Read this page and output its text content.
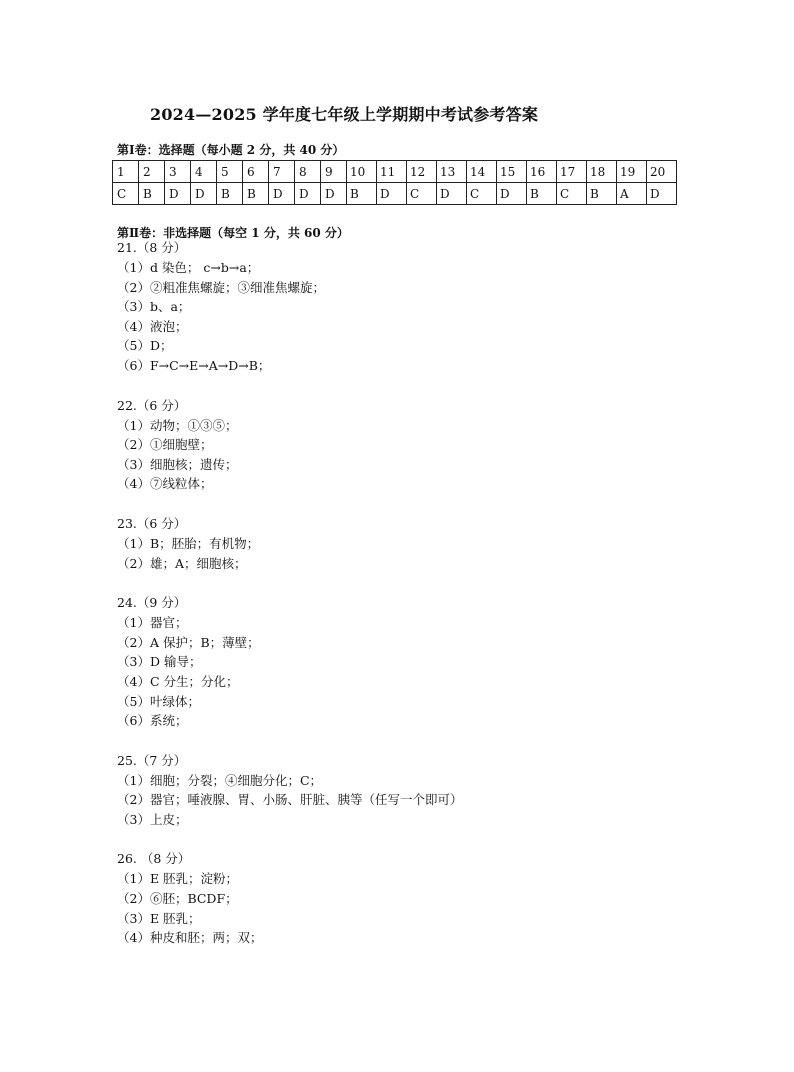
2024—2025 学年度七年级上学期期中考试参考答案
第Ⅰ卷：选择题（每小题 2 分，共 40 分）
1	2	3	4	5	6	7	8	9	10	11	12	13	14	15	16	17	18	19	20
C	B	D	D	B	B	D	D	D	B	D	C	D	C	D	B	C	B	A	D
第Ⅱ卷：非选择题（每空 1 分，共 60 分）
21.（8 分）
（1）d 染色； c→b→a；
（2）②粗准焦螺旋；③细准焦螺旋；
（3）b、a；
（4）液泡；
（5）D；
（6）F→C→E→A→D→B；
22.（6 分）
（1）动物；①③⑤；
（2）①细胞壁；
（3）细胞核；遗传；
（4）⑦线粒体；
23.（6 分）
（1）B；胚胎；有机物；
（2）雄；A；细胞核；
24.（9 分）
（1）器官；
（2）A 保护；B；薄壁；
（3）D 输导；
（4）C 分生；分化；
（5）叶绿体；
（6）系统；
25.（7 分）
（1）细胞；分裂；④细胞分化；C；
（2）器官；唾液腺、胃、小肠、肝脏、胰等（任写一个即可）
（3）上皮；
26. （8 分）
（1）E 胚乳；淀粉；
（2）⑥胚；BCDF；
（3）E 胚乳；
（4）种皮和胚；两；双；
